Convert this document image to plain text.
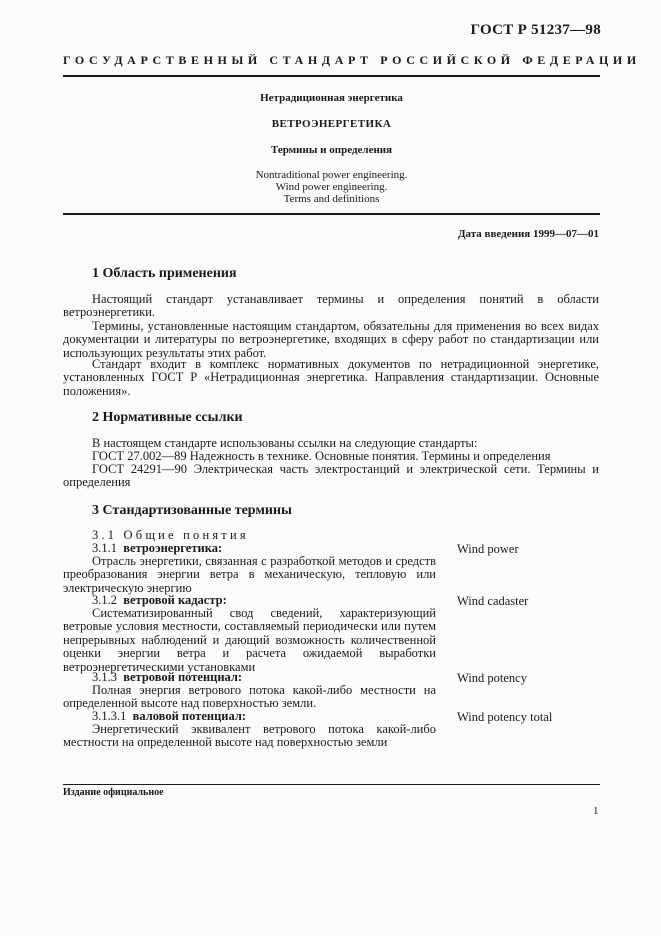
ГОСТ Р 51237—98
ГОСУДАРСТВЕННЫЙ СТАНДАРТ РОССИЙСКОЙ ФЕДЕРАЦИИ
Нетрадиционная энергетика
ВЕТРОЭНЕРГЕТИКА
Термины и определения
Nontraditional power engineering.
Wind power engineering.
Terms and definitions
Дата введения 1999—07—01
1 Область применения
Настоящий стандарт устанавливает термины и определения понятий в области ветроэнергетики.
Термины, установленные настоящим стандартом, обязательны для применения во всех видах документации и литературы по ветроэнергетике, входящих в сферу работ по стандартизации или использующих результаты этих работ.
Стандарт входит в комплекс нормативных документов по нетрадиционной энергетике, установленных ГОСТ Р «Нетрадиционная энергетика. Направления стандартизации. Основные положения».
2 Нормативные ссылки
В настоящем стандарте использованы ссылки на следующие стандарты:
ГОСТ 27.002—89 Надежность в технике. Основные понятия. Термины и определения
ГОСТ 24291—90 Электрическая часть электростанций и электрической сети. Термины и определения
3 Стандартизованные термины
3.1 Общие понятия
3.1.1 ветроэнергетика:
Отрасль энергетики, связанная с разработкой методов и средств преобразования энергии ветра в механическую, тепловую или электрическую энергию
Wind power
3.1.2 ветровой кадастр:
Систематизированный свод сведений, характеризующий ветровые условия местности, составляемый периодически или путем непрерывных наблюдений и дающий возможность количественной оценки энергии ветра и расчета ожидаемой выработки ветроэнергетическими установками
Wind cadaster
3.1.3 ветровой потенциал:
Полная энергия ветрового потока какой-либо местности на определенной высоте над поверхностью земли.
Wind potency
3.1.3.1 валовой потенциал:
Энергетический эквивалент ветрового потока какой-либо местности на определенной высоте над поверхностью земли
Wind potency total
Издание официальное
1
